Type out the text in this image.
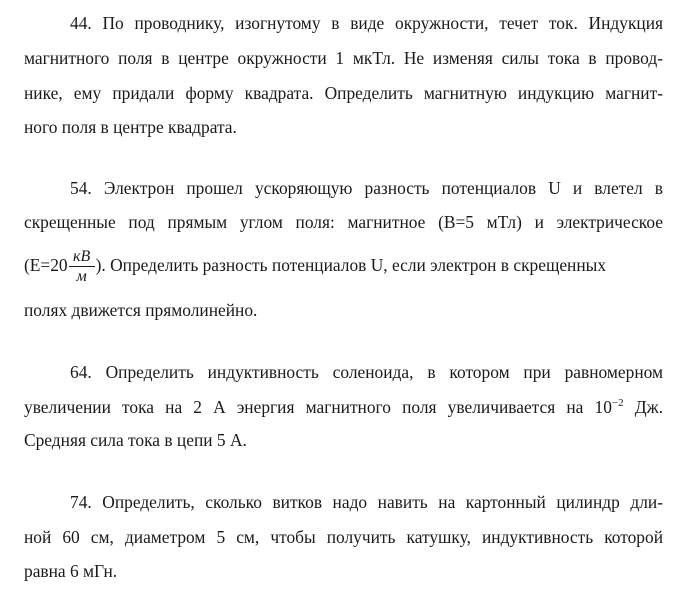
44. По проводнику, изогнутому в виде окружности, течет ток. Индукция
магнитного поля в центре окружности 1 мкТл. Не изменяя силы тока в провод-
нике, ему придали форму квадрата. Определить магнитную индукцию магнит-
ного поля в центре квадрата.
54. Электрон прошел ускоряющую разность потенциалов U и влетел в
скрещенные под прямым углом поля: магнитное (В=5 мТл) и электрическое
($Е=20 \frac{кВ}{м}$ ). Определить разность потенциалов U, если электрон в скрещенных
полях движется прямолинейно.
64. Определить индуктивность соленоида, в котором при равномерном
увеличении тока на 2 А энергия магнитного поля увеличивается на $10^{-2}$ Дж.
Средняя сила тока в цепи 5 А.
74. Определить, сколько витков надо навить на картонный цилиндр дли-
ной 60 см, диаметром 5 см, чтобы получить катушку, индуктивность которой
равна 6 мГн.
